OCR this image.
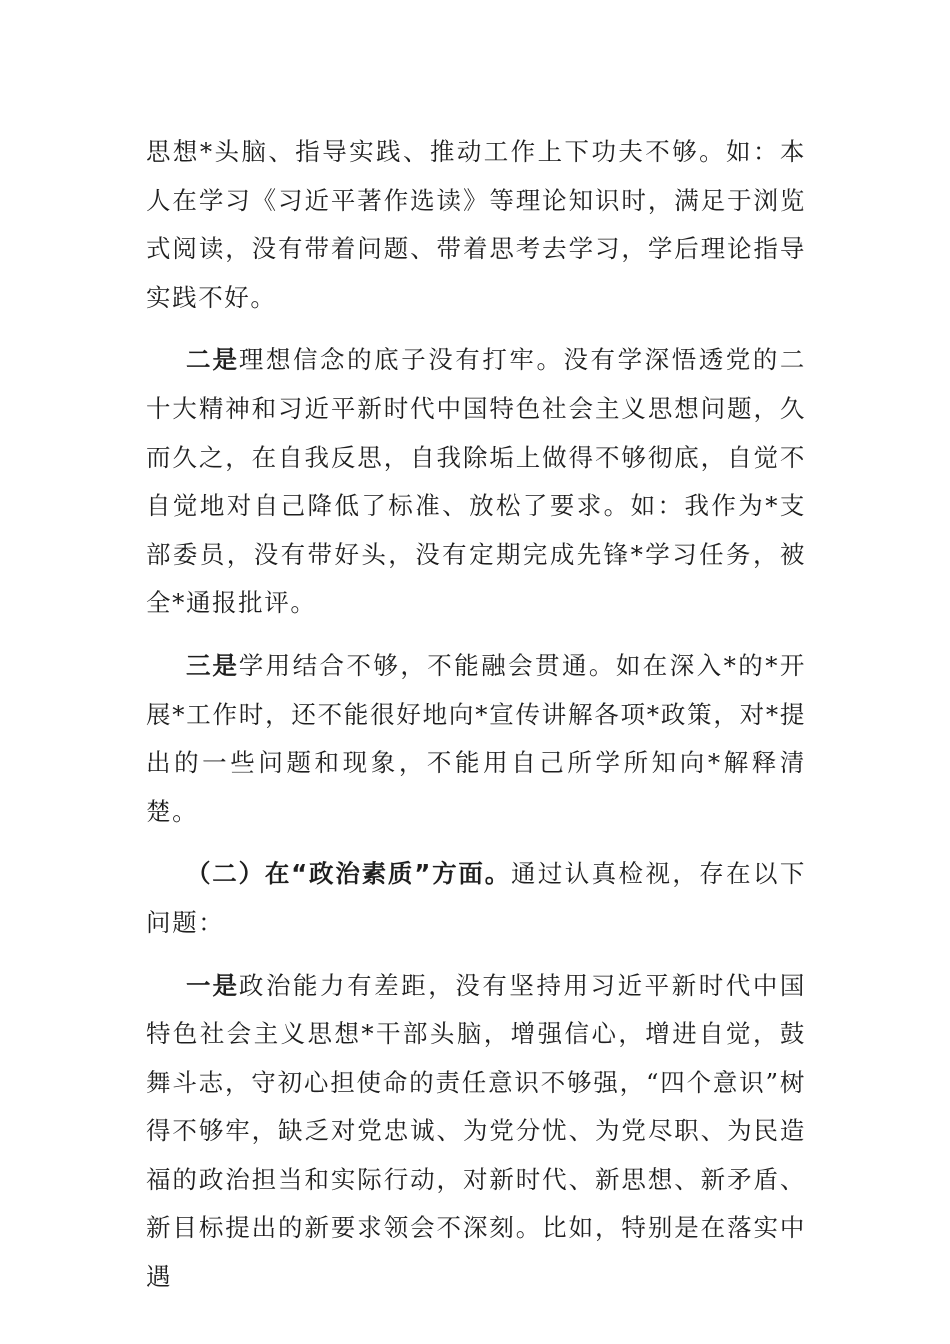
思想*头脑、指导实践、推动工作上下功夫不够。如：本人在学习《习近平著作选读》等理论知识时，满足于浏览式阅读，没有带着问题、带着思考去学习，学后理论指导实践不好。

二是理想信念的底子没有打牢。没有学深悟透党的二十大精神和习近平新时代中国特色社会主义思想问题，久而久之，在自我反思，自我除垢上做得不够彻底，自觉不自觉地对自己降低了标准、放松了要求。如：我作为*支部委员，没有带好头，没有定期完成先锋*学习任务，被全*通报批评。

三是学用结合不够，不能融会贯通。如在深入*的*开展*工作时，还不能很好地向*宣传讲解各项*政策，对*提出的一些问题和现象，不能用自己所学所知向*解释清楚。

（二）在“政治素质”方面。通过认真检视，存在以下问题：

一是政治能力有差距，没有坚持用习近平新时代中国特色社会主义思想*干部头脑，增强信心，增进自觉，鼓舞斗志，守初心担使命的责任意识不够强，“四个意识”树得不够牢，缺乏对党忠诚、为党分忧、为党尽职、为民造福的政治担当和实际行动，对新时代、新思想、新矛盾、新目标提出的新要求领会不深刻。比如，特别是在落实中遇
